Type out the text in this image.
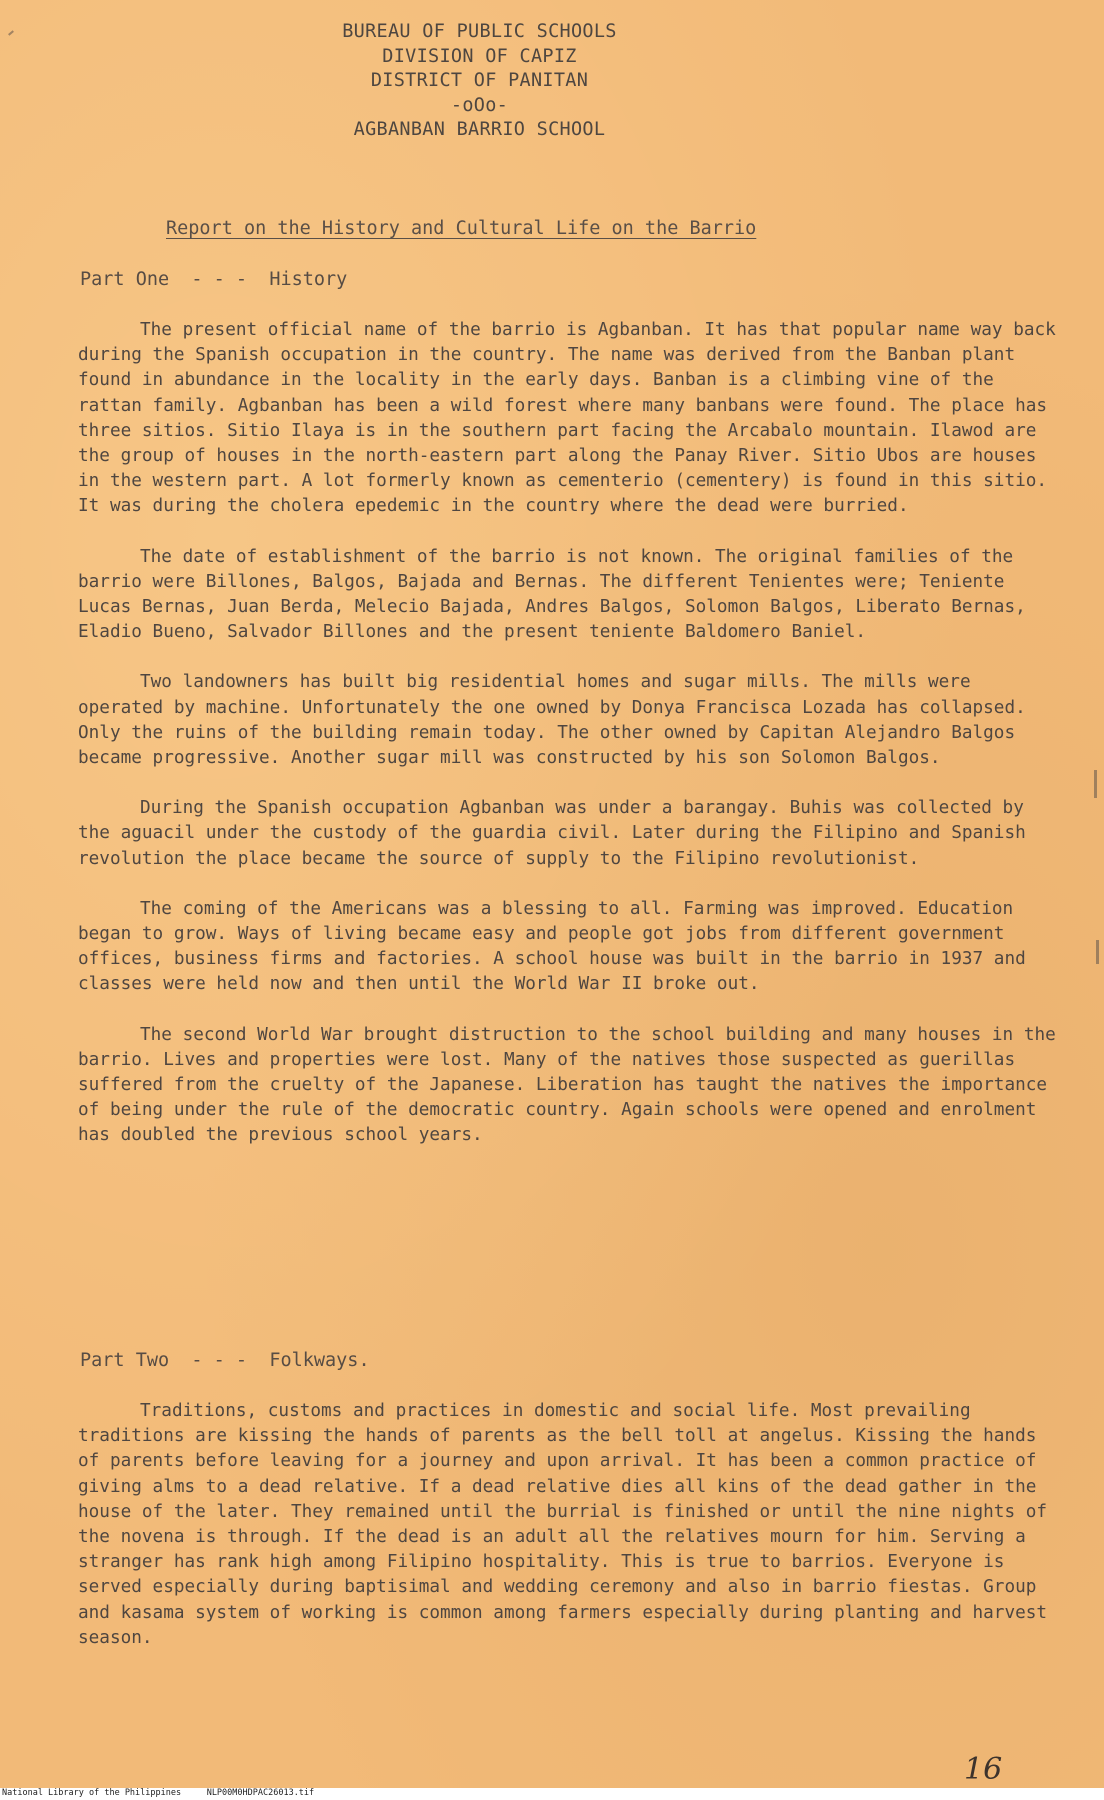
BUREAU OF PUBLIC SCHOOLS
DIVISION OF CAPIZ
DISTRICT OF PANITAN
-oOo-
AGBANBAN BARRIO SCHOOL
Report on the History and Cultural Life on the Barrio
Part One  - - -  History

The present official name of the barrio is Agbanban. It has that popular name way back during the Spanish occupation in the country. The name was derived from the Banban plant found in abundance in the locality in the early days. Banban is a climbing vine of the rattan family. Agbanban has been a wild forest where many banbans were found. The place has three sitios. Sitio Ilaya is in the southern part facing the Arcabalo mountain. Ilawod are the group of houses in the north-eastern part along the Panay River. Sitio Ubos are houses in the western part. A lot formerly known as cementerio (cementery) is found in this sitio. It was during the cholera epedemic in the country where the dead were burried.

The date of establishment of the barrio is not known. The original families of the barrio were Billones, Balgos, Bajada and Bernas. The different Tenientes were; Teniente Lucas Bernas, Juan Berda, Melecio Bajada, Andres Balgos, Solomon Balgos, Liberato Bernas, Eladio Bueno, Salvador Billones and the present teniente Baldomero Baniel.

Two landowners has built big residential homes and sugar mills. The mills were operated by machine. Unfortunately the one owned by Donya Francisca Lozada has collapsed. Only the ruins of the building remain today. The other owned by Capitan Alejandro Balgos became progressive. Another sugar mill was constructed by his son Solomon Balgos.

During the Spanish occupation Agbanban was under a barangay. Buhis was collected by the aguacil under the custody of the guardia civil. Later during the Filipino and Spanish revolution the place became the source of supply to the Filipino revolutionist.

The coming of the Americans was a blessing to all. Farming was improved. Education began to grow. Ways of living became easy and people got jobs from different government offices, business firms and factories. A school house was built in the barrio in 1937 and classes were held now and then until the World War II broke out.

The second World War brought distruction to the school building and many houses in the barrio. Lives and properties were lost. Many of the natives those suspected as guerillas suffered from the cruelty of the Japanese. Liberation has taught the natives the importance of being under the rule of the democratic country. Again schools were opened and enrolment has doubled the previous school years.

Part Two  - - -  Folkways.

Traditions, customs and practices in domestic and social life. Most prevailing traditions are kissing the hands of parents as the bell toll at angelus. Kissing the hands of parents before leaving for a journey and upon arrival. It has been a common practice of giving alms to a dead relative. If a dead relative dies all kins of the dead gather in the house of the later. They remained until the burrial is finished or until the nine nights of the novena is through. If the dead is an adult all the relatives mourn for him. Serving a stranger has rank high among Filipino hospitality. This is true to barrios. Everyone is served especially during baptisimal and wedding ceremony and also in barrio fiestas. Group and kasama system of working is common among farmers especially during planting and harvest season.

16
National Library of the Philippines     NLP00M0HDPAC26013.tif
